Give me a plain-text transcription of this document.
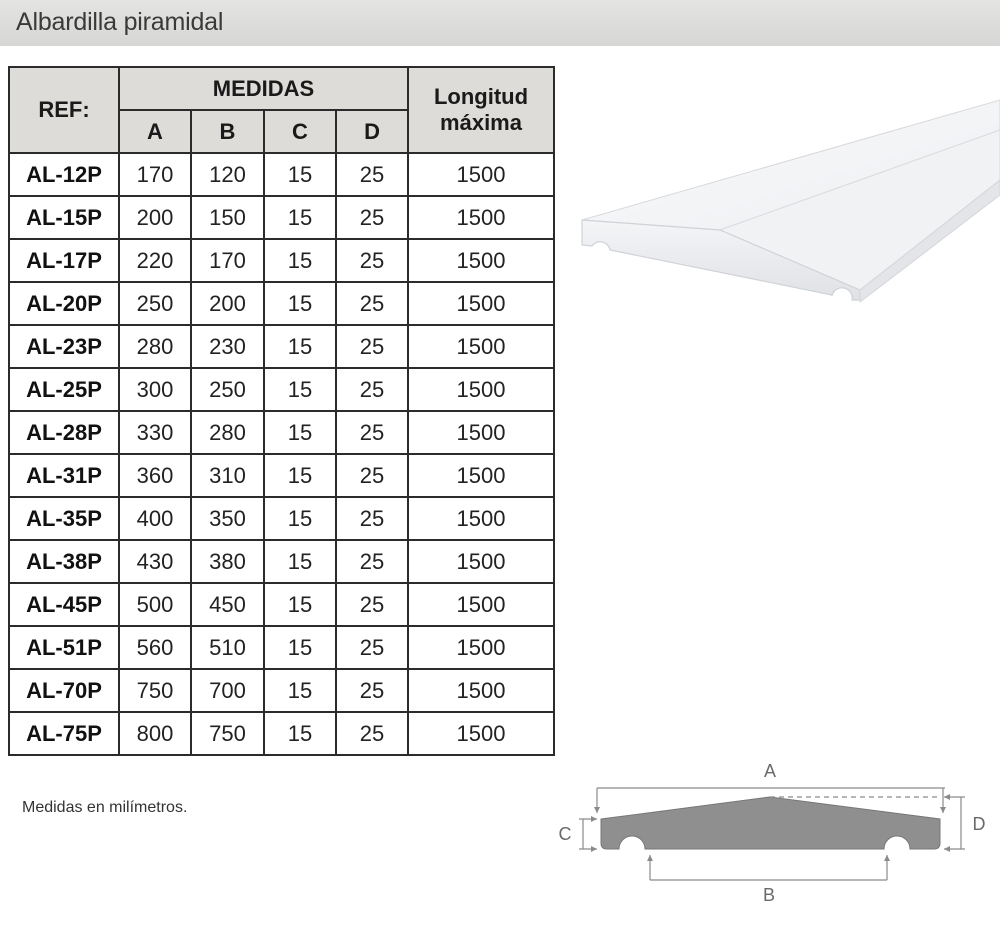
Albardilla piramidal
REF:	MEDIDAS				Longitud
máxima

	A	B	C	D	
AL-12P	170	120	15	25	1500
AL-15P	200	150	15	25	1500
AL-17P	220	170	15	25	1500
AL-20P	250	200	15	25	1500
AL-23P	280	230	15	25	1500
AL-25P	300	250	15	25	1500
AL-28P	330	280	15	25	1500
AL-31P	360	310	15	25	1500
AL-35P	400	350	15	25	1500
AL-38P	430	380	15	25	1500
AL-45P	500	450	15	25	1500
AL-51P	560	510	15	25	1500
AL-70P	750	700	15	25	1500
AL-75P	800	750	15	25	1500
Medidas en milímetros.
A
B
C	D
